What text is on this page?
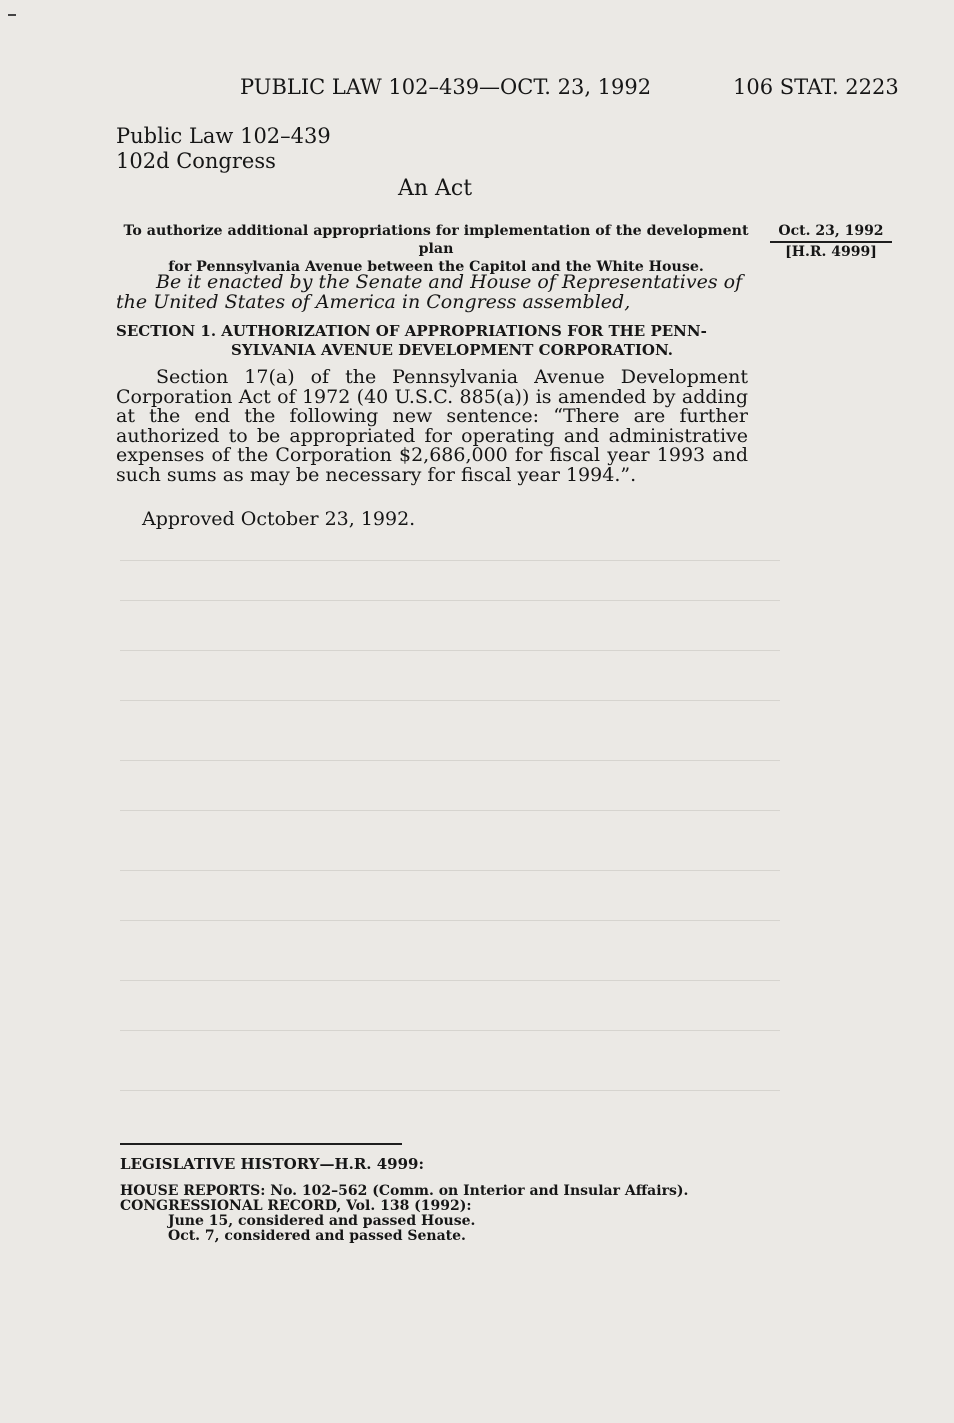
PUBLIC LAW 102–439—OCT. 23, 1992	106 STAT. 2223
Public Law 102–439
102d Congress
An Act
To authorize additional appropriations for implementation of the development plan
for Pennsylvania Avenue between the Capitol and the White House.
Oct. 23, 1992
[H.R. 4999]
Be it enacted by the Senate and House of Representatives of the United States of America in Congress assembled,
SECTION 1. AUTHORIZATION OF APPROPRIATIONS FOR THE PENN-
SYLVANIA AVENUE DEVELOPMENT CORPORATION.
Section 17(a) of the Pennsylvania Avenue Development Corporation Act of 1972 (40 U.S.C. 885(a)) is amended by adding at the end the following new sentence: “There are further authorized to be appropriated for operating and administrative expenses of the Corporation $2,686,000 for fiscal year 1993 and such sums as may be necessary for fiscal year 1994.”.
Approved October 23, 1992.
LEGISLATIVE HISTORY—H.R. 4999:
HOUSE REPORTS: No. 102–562 (Comm. on Interior and Insular Affairs).
CONGRESSIONAL RECORD, Vol. 138 (1992):
June 15, considered and passed House.
Oct. 7, considered and passed Senate.
